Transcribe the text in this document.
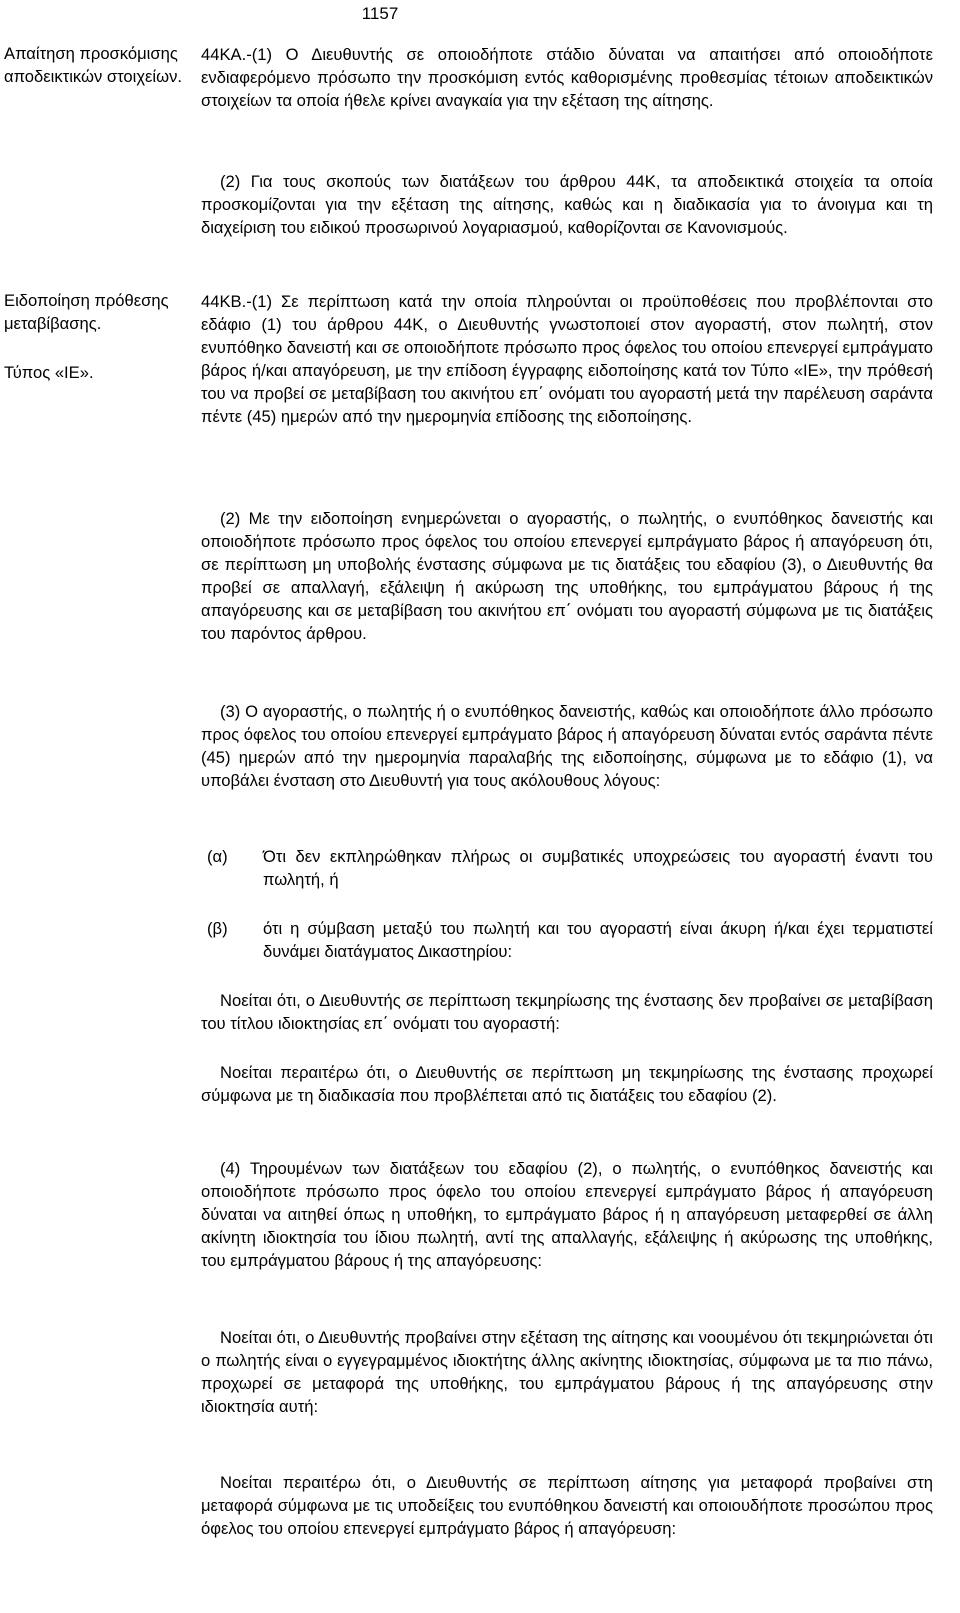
1157
Απαίτηση προσκόμισης αποδεικτικών στοιχείων.
Ειδοποίηση πρόθεσης μεταβίβασης.
Τύπος «ΙΕ».

44ΚΑ.-(1) Ο Διευθυντής σε οποιοδήποτε στάδιο δύναται να απαιτήσει από οποιοδήποτε ενδιαφερόμενο πρόσωπο την προσκόμιση εντός καθορισμένης προθεσμίας τέτοιων αποδεικτικών στοιχείων τα οποία ήθελε κρίνει αναγκαία για την εξέταση της αίτησης.

(2) Για τους σκοπούς των διατάξεων του άρθρου 44Κ, τα αποδεικτικά στοιχεία τα οποία προσκομίζονται για την εξέταση της αίτησης, καθώς και η διαδικασία για το άνοιγμα και τη διαχείριση του ειδικού προσωρινού λογαριασμού, καθορίζονται σε Κανονισμούς.

44ΚΒ.-(1) Σε περίπτωση κατά την οποία πληρούνται οι προϋποθέσεις που προβλέπονται στο εδάφιο (1) του άρθρου 44Κ, ο Διευθυντής γνωστοποιεί στον αγοραστή, στον πωλητή, στον ενυπόθηκο δανειστή και σε οποιοδήποτε πρόσωπο προς όφελος του οποίου επενεργεί εμπράγματο βάρος ή/και απαγόρευση, με την επίδοση έγγραφης ειδοποίησης κατά τον Τύπο «ΙΕ», την πρόθεσή του να προβεί σε μεταβίβαση του ακινήτου επ΄ ονόματι του αγοραστή μετά την παρέλευση σαράντα πέντε (45) ημερών από την ημερομηνία επίδοσης της ειδοποίησης.

(2) Με την ειδοποίηση ενημερώνεται ο αγοραστής, ο πωλητής, ο ενυπόθηκος δανειστής και οποιοδήποτε πρόσωπο προς όφελος του οποίου επενεργεί εμπράγματο βάρος ή απαγόρευση ότι, σε περίπτωση μη υποβολής ένστασης σύμφωνα με τις διατάξεις του εδαφίου (3), ο Διευθυντής θα προβεί σε απαλλαγή, εξάλειψη ή ακύρωση της υποθήκης, του εμπράγματου βάρους ή της απαγόρευσης και σε μεταβίβαση του ακινήτου επ΄ ονόματι του αγοραστή σύμφωνα με τις διατάξεις του παρόντος άρθρου.

(3) Ο αγοραστής, ο πωλητής ή ο ενυπόθηκος δανειστής, καθώς και οποιοδήποτε άλλο πρόσωπο προς όφελος του οποίου επενεργεί εμπράγματο βάρος ή απαγόρευση δύναται εντός σαράντα πέντε (45) ημερών από την ημερομηνία παραλαβής της ειδοποίησης, σύμφωνα με το εδάφιο (1), να υποβάλει ένσταση στο Διευθυντή για τους ακόλουθους λόγους:

(α) Ότι δεν εκπληρώθηκαν πλήρως οι συμβατικές υποχρεώσεις του αγοραστή έναντι του πωλητή, ή

(β) ότι η σύμβαση μεταξύ του πωλητή και του αγοραστή είναι άκυρη ή/και έχει τερματιστεί δυνάμει διατάγματος Δικαστηρίου:

Νοείται ότι, ο Διευθυντής σε περίπτωση τεκμηρίωσης της ένστασης δεν προβαίνει σε μεταβίβαση του τίτλου ιδιοκτησίας επ΄ ονόματι του αγοραστή:

Νοείται περαιτέρω ότι, ο Διευθυντής σε περίπτωση μη τεκμηρίωσης της ένστασης προχωρεί σύμφωνα με τη διαδικασία που προβλέπεται από τις διατάξεις του εδαφίου (2).

(4) Τηρουμένων των διατάξεων του εδαφίου (2), ο πωλητής, ο ενυπόθηκος δανειστής και οποιοδήποτε πρόσωπο προς όφελο του οποίου επενεργεί εμπράγματο βάρος ή απαγόρευση δύναται να αιτηθεί όπως η υποθήκη, το εμπράγματο βάρος ή η απαγόρευση μεταφερθεί σε άλλη ακίνητη ιδιοκτησία του ίδιου πωλητή, αντί της απαλλαγής, εξάλειψης ή ακύρωσης της υποθήκης, του εμπράγματου βάρους ή της απαγόρευσης:

Νοείται ότι, ο Διευθυντής προβαίνει στην εξέταση της αίτησης και νοουμένου ότι τεκμηριώνεται ότι ο πωλητής είναι ο εγγεγραμμένος ιδιοκτήτης άλλης ακίνητης ιδιοκτησίας, σύμφωνα με τα πιο πάνω, προχωρεί σε μεταφορά της υποθήκης, του εμπράγματου βάρους ή της απαγόρευσης στην ιδιοκτησία αυτή:

Νοείται περαιτέρω ότι, ο Διευθυντής σε περίπτωση αίτησης για μεταφορά προβαίνει στη μεταφορά σύμφωνα με τις υποδείξεις του ενυπόθηκου δανειστή και οποιουδήποτε προσώπου προς όφελος του οποίου επενεργεί εμπράγματο βάρος ή απαγόρευση:
